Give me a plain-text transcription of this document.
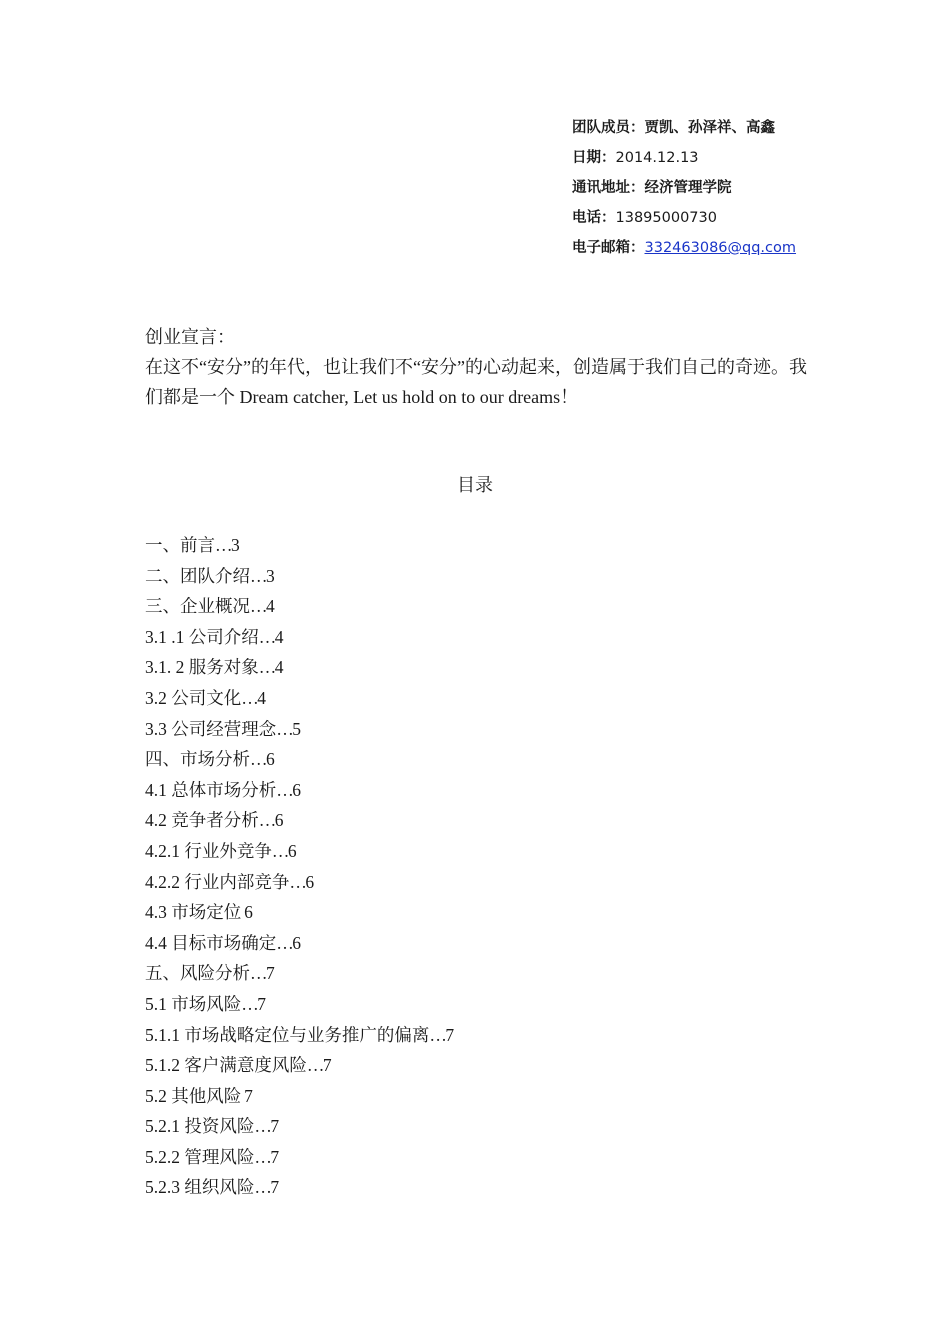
团队成员：贾凯、孙泽祥、高鑫
日期：2014.12.13
通讯地址：经济管理学院
电话：13895000730
电子邮箱：332463086@qq.com
创业宣言：
在这不“安分”的年代，也让我们不“安分”的心动起来，创造属于我们自己的奇迹。我们都是一个 Dream catcher, Let us hold on to our dreams！
目录
一、前言…3
二、团队介绍…3
三、企业概况…4
3.1 .1 公司介绍…4
3.1. 2 服务对象…4
3.2 公司文化…4
3.3 公司经营理念…5
四、市场分析…6
4.1 总体市场分析…6
4.2 竞争者分析…6
4.2.1 行业外竞争…6
4.2.2 行业内部竞争…6
4.3 市场定位 6
4.4 目标市场确定…6
五、风险分析…7
5.1 市场风险…7
5.1.1 市场战略定位与业务推广的偏离…7
5.1.2 客户满意度风险…7
5.2 其他风险 7
5.2.1 投资风险…7
5.2.2 管理风险…7
5.2.3 组织风险…7
